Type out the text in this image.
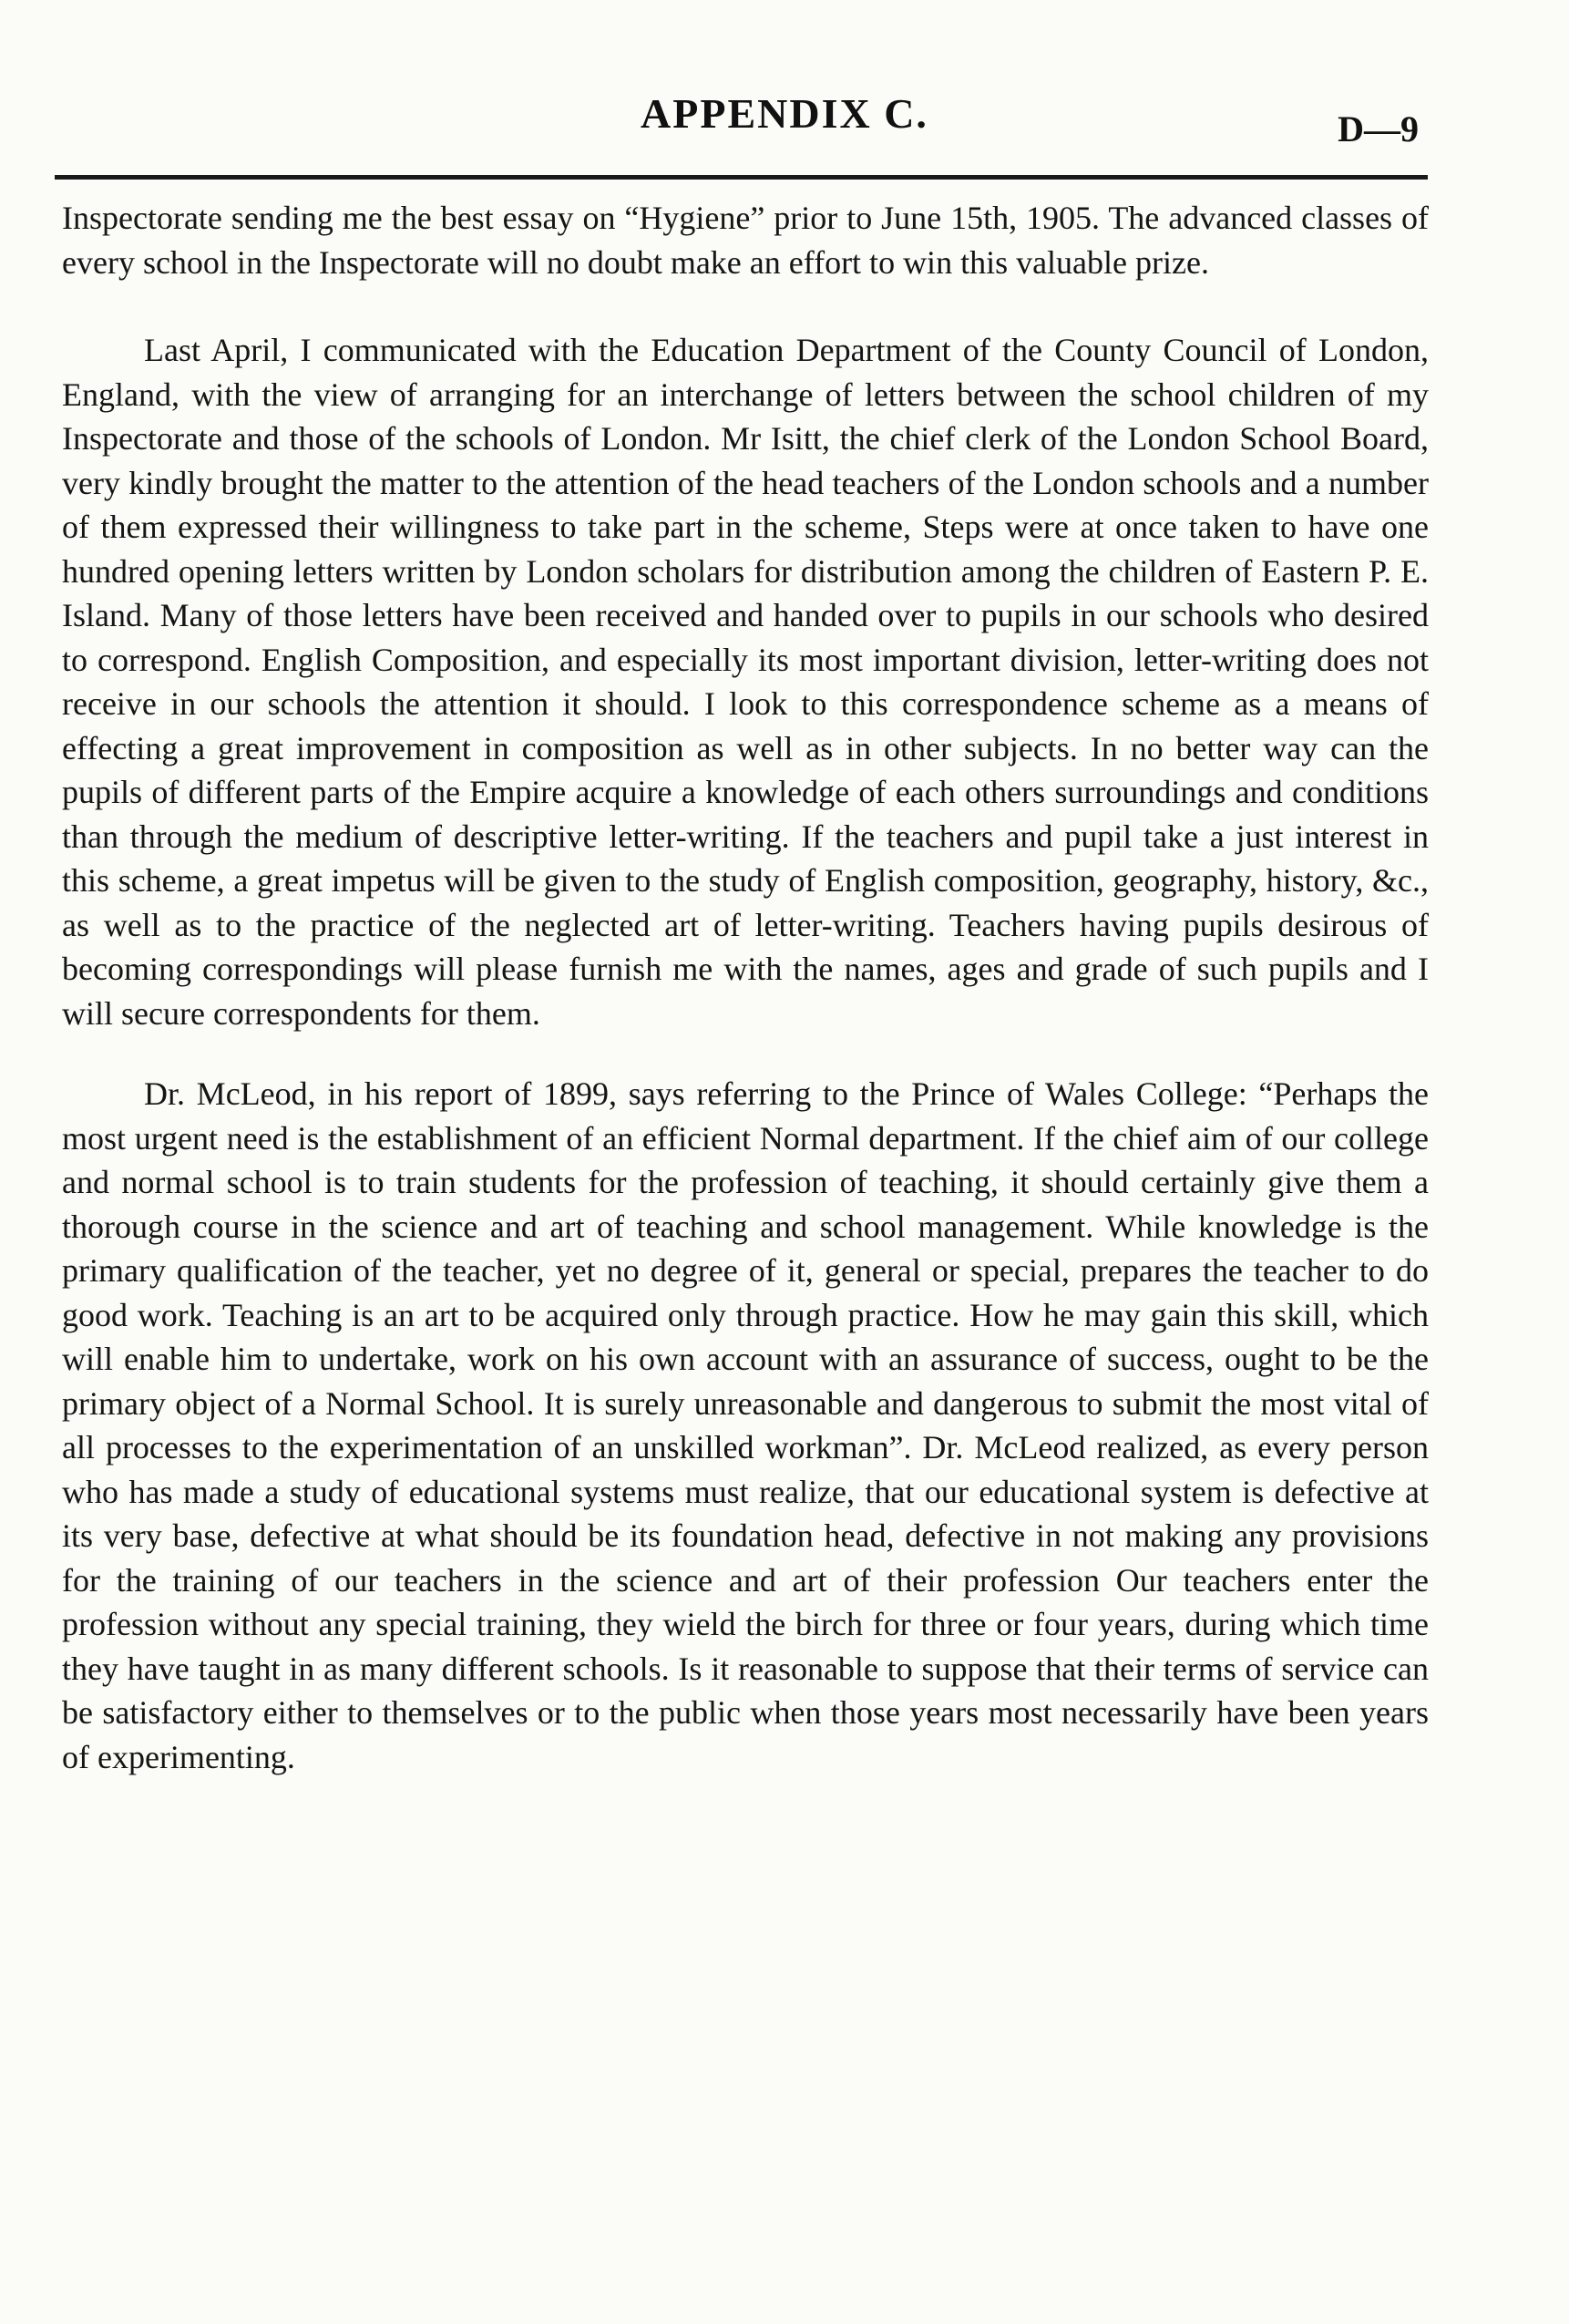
APPENDIX C.	D—9

Inspectorate sending me the best essay on “Hygiene” prior to June 15th, 1905. The advanced classes of every school in the Inspectorate will no doubt make an effort to win this valuable prize.

Last April, I communicated with the Education Department of the County Council of London, England, with the view of arranging for an interchange of letters between the school children of my Inspectorate and those of the schools of London. Mr Isitt, the chief clerk of the London School Board, very kindly brought the matter to the attention of the head teachers of the London schools and a number of them expressed their willingness to take part in the scheme, Steps were at once taken to have one hundred opening letters written by London scholars for distribution among the children of Eastern P. E. Island. Many of those letters have been received and handed over to pupils in our schools who desired to correspond. English Composition, and especially its most important division, letter-writing does not receive in our schools the attention it should. I look to this correspondence scheme as a means of effecting a great improvement in composition as well as in other subjects. In no better way can the pupils of different parts of the Empire acquire a knowledge of each others surroundings and conditions than through the medium of descriptive letter-writing. If the teachers and pupil take a just interest in this scheme, a great impetus will be given to the study of English composition, geography, history, &c., as well as to the practice of the neglected art of letter-writing. Teachers having pupils desirous of becoming correspondings will please furnish me with the names, ages and grade of such pupils and I will secure correspondents for them.

Dr. McLeod, in his report of 1899, says referring to the Prince of Wales College: “Perhaps the most urgent need is the establishment of an efficient Normal department. If the chief aim of our college and normal school is to train students for the profession of teaching, it should certainly give them a thorough course in the science and art of teaching and school management. While knowledge is the primary qualification of the teacher, yet no degree of it, general or special, prepares the teacher to do good work. Teaching is an art to be acquired only through practice. How he may gain this skill, which will enable him to undertake, work on his own account with an assurance of success, ought to be the primary object of a Normal School. It is surely unreasonable and dangerous to submit the most vital of all processes to the experimentation of an unskilled workman”. Dr. McLeod realized, as every person who has made a study of educational systems must realize, that our educational system is defective at its very base, defective at what should be its foundation head, defective in not making any provisions for the training of our teachers in the science and art of their profession Our teachers enter the profession without any special training, they wield the birch for three or four years, during which time they have taught in as many different schools. Is it reasonable to suppose that their terms of service can be satisfactory either to themselves or to the public when those years most necessarily have been years of experimenting.
